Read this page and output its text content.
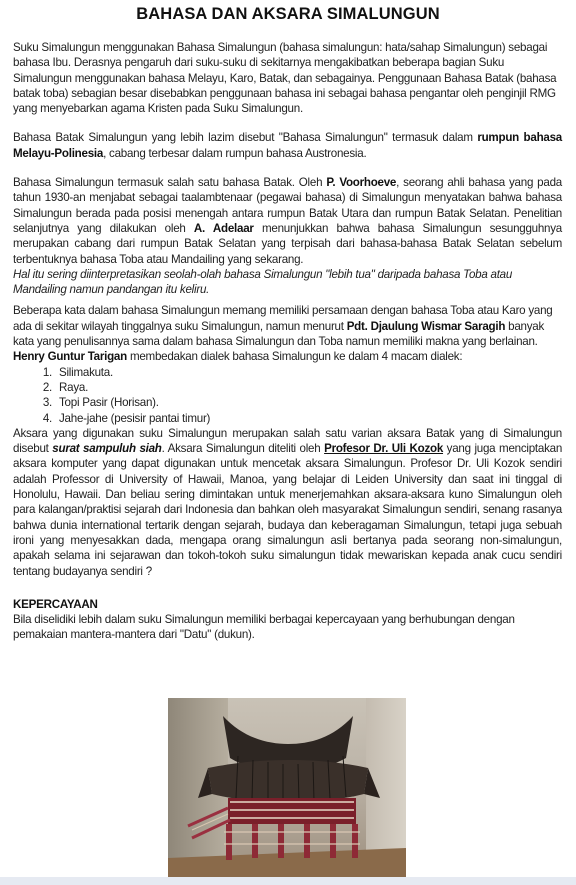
BAHASA DAN AKSARA SIMALUNGUN

Suku Simalungun menggunakan Bahasa Simalungun (bahasa simalungun: hata/sahap Simalungun) sebagai bahasa Ibu. Derasnya pengaruh dari suku-suku di sekitarnya mengakibatkan beberapa bagian Suku Simalungun menggunakan bahasa Melayu, Karo, Batak, dan sebagainya. Penggunaan Bahasa Batak (bahasa batak toba) sebagian besar disebabkan penggunaan bahasa ini sebagai bahasa pengantar oleh penginjil RMG yang menyebarkan agama Kristen pada Suku Simalungun.

Bahasa Batak Simalungun yang lebih lazim disebut "Bahasa Simalungun" termasuk dalam rumpun bahasa Melayu-Polinesia, cabang terbesar dalam rumpun bahasa Austronesia.

Bahasa Simalungun termasuk salah satu bahasa Batak. Oleh P. Voorhoeve, seorang ahli bahasa yang pada tahun 1930-an menjabat sebagai taalambtenaar (pegawai bahasa) di Simalungun menyatakan bahwa bahasa Simalungun berada pada posisi menengah antara rumpun Batak Utara dan rumpun Batak Selatan. Penelitian selanjutnya yang dilakukan oleh A. Adelaar menunjukkan bahwa bahasa Simalungun sesungguhnya merupakan cabang dari rumpun Batak Selatan yang terpisah dari bahasa-bahasa Batak Selatan sebelum terbentuknya bahasa Toba atau Mandailing yang sekarang.

Hal itu sering diinterpretasikan seolah-olah bahasa Simalungun "lebih tua" daripada bahasa Toba atau Mandailing namun pandangan itu keliru.

Beberapa kata dalam bahasa Simalungun memang memiliki persamaan dengan bahasa Toba atau Karo yang ada di sekitar wilayah tinggalnya suku Simalungun, namun menurut Pdt. Djaulung Wismar Saragih banyak kata yang penulisannya sama dalam bahasa Simalungun dan Toba namun memiliki makna yang berlainan.

Henry Guntur Tarigan membedakan dialek bahasa Simalungun ke dalam 4 macam dialek:

1. Silimakuta.
2. Raya.
3. Topi Pasir (Horisan).
4. Jahe-jahe (pesisir pantai timur)

Aksara yang digunakan suku Simalungun merupakan salah satu varian aksara Batak yang di Simalungun disebut surat sampuluh siah. Aksara Simalungun diteliti oleh Profesor Dr. Uli Kozok yang juga menciptakan aksara komputer yang dapat digunakan untuk mencetak aksara Simalungun. Profesor Dr. Uli Kozok sendiri adalah Professor di University of Hawaii, Manoa, yang belajar di Leiden University dan saat ini tinggal di Honolulu, Hawaii. Dan beliau sering dimintakan untuk menerjemahkan aksara-aksara kuno Simalungun oleh para kalangan/praktisi sejarah dari Indonesia dan bahkan oleh masyarakat Simalungun sendiri, senang rasanya bahwa dunia international tertarik dengan sejarah, budaya dan keberagaman Simalungun, tetapi juga sebuah ironi yang menyesakkan dada, mengapa orang simalungun asli bertanya pada seorang non-simalungun, apakah selama ini sejarawan dan tokoh-tokoh suku simalungun tidak mewariskan kepada anak cucu sendiri tentang budayanya sendiri ?

KEPERCAYAAN

Bila diselidiki lebih dalam suku Simalungun memiliki berbagai kepercayaan yang berhubungan dengan pemakaian mantera-mantera dari "Datu" (dukun).
